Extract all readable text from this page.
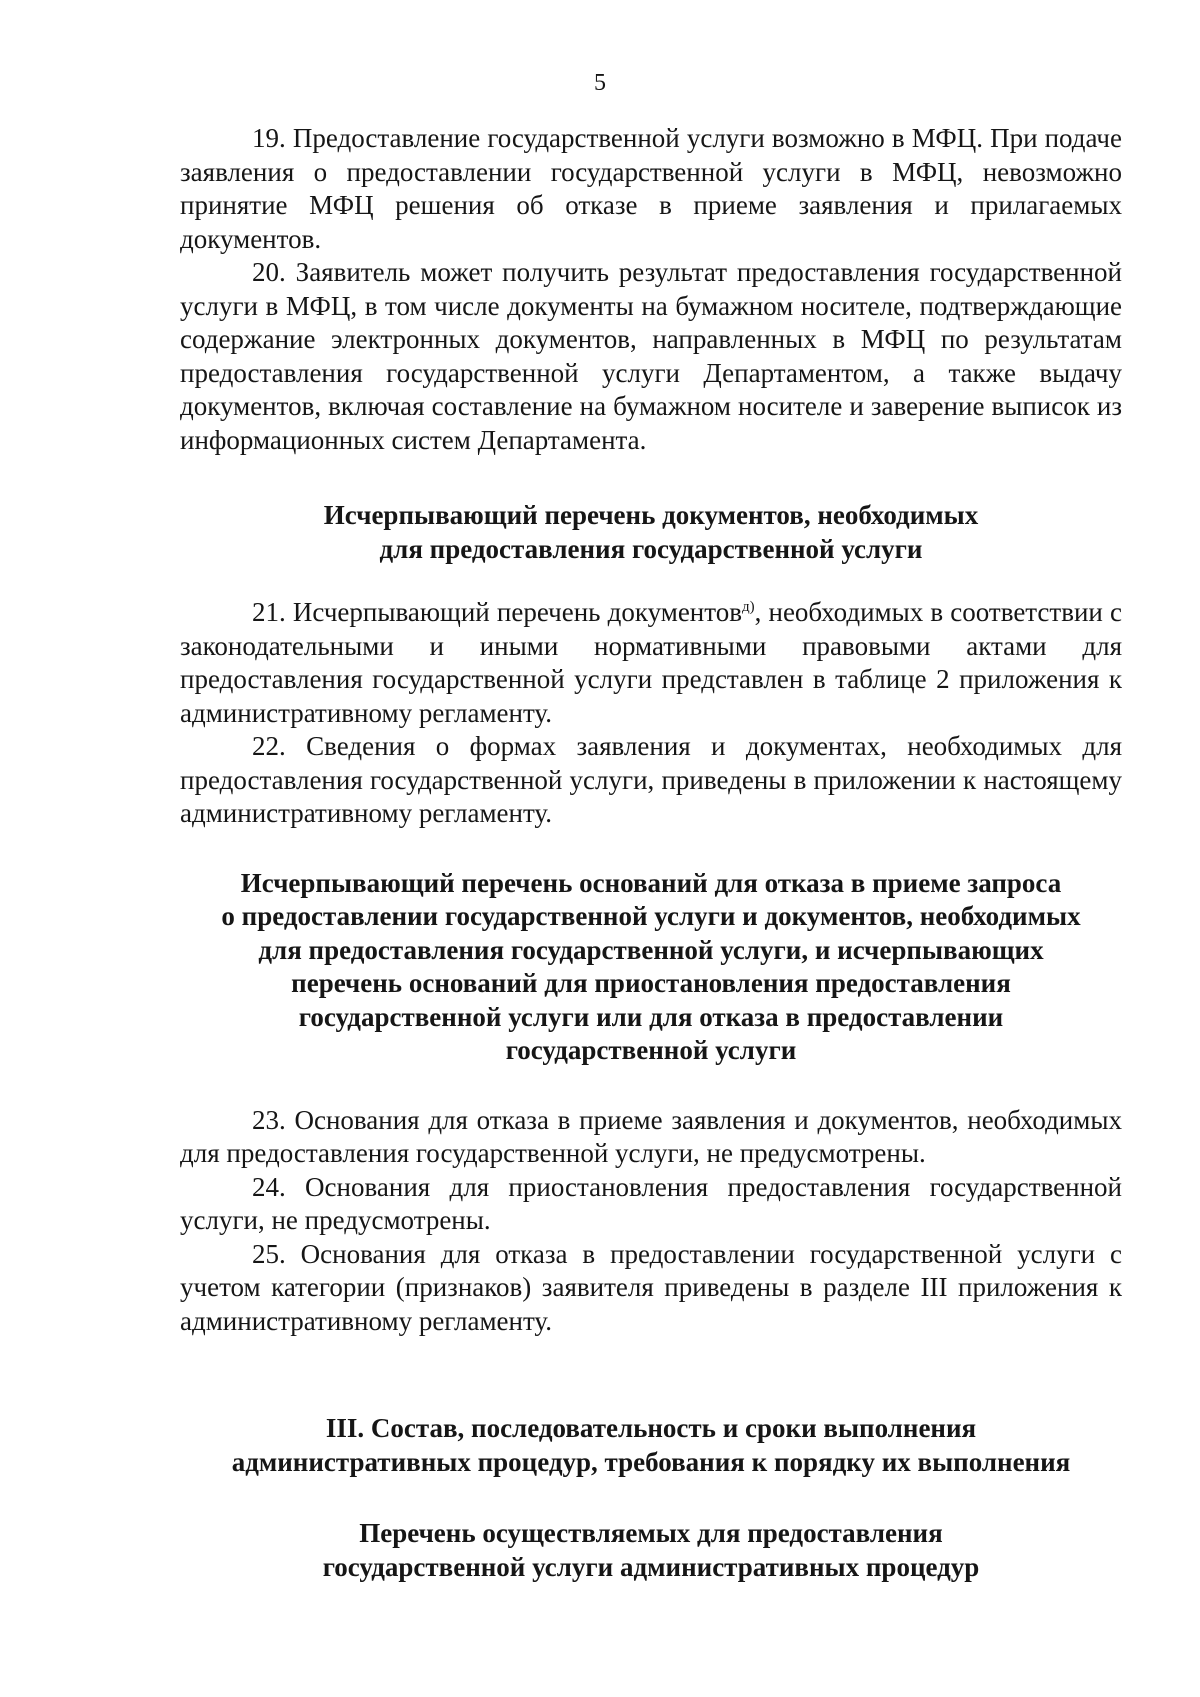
5

19. Предоставление государственной услуги возможно в МФЦ. При подаче заявления о предоставлении государственной услуги в МФЦ, невозможно принятие МФЦ решения об отказе в приеме заявления и прилагаемых документов.

20. Заявитель может получить результат предоставления государственной услуги в МФЦ, в том числе документы на бумажном носителе, подтверждающие содержание электронных документов, направленных в МФЦ по результатам предоставления государственной услуги Департаментом, а также выдачу документов, включая составление на бумажном носителе и заверение выписок из информационных систем Департамента.

Исчерпывающий перечень документов, необходимых
для предоставления государственной услуги

21. Исчерпывающий перечень документов$^{д)}$, необходимых в соответствии с законодательными и иными нормативными правовыми актами для предоставления государственной услуги представлен в таблице 2 приложения к административному регламенту.

22. Сведения о формах заявления и документах, необходимых для предоставления государственной услуги, приведены в приложении к настоящему административному регламенту.

Исчерпывающий перечень оснований для отказа в приеме запроса
о предоставлении государственной услуги и документов, необходимых
для предоставления государственной услуги, и исчерпывающих
перечень оснований для приостановления предоставления
государственной услуги или для отказа в предоставлении
государственной услуги

23. Основания для отказа в приеме заявления и документов, необходимых для предоставления государственной услуги, не предусмотрены.

24. Основания для приостановления предоставления государственной услуги, не предусмотрены.

25. Основания для отказа в предоставлении государственной услуги с учетом категории (признаков) заявителя приведены в разделе III приложения к административному регламенту.

III. Состав, последовательность и сроки выполнения
административных процедур, требования к порядку их выполнения
Перечень осуществляемых для предоставления
государственной услуги административных процедур
